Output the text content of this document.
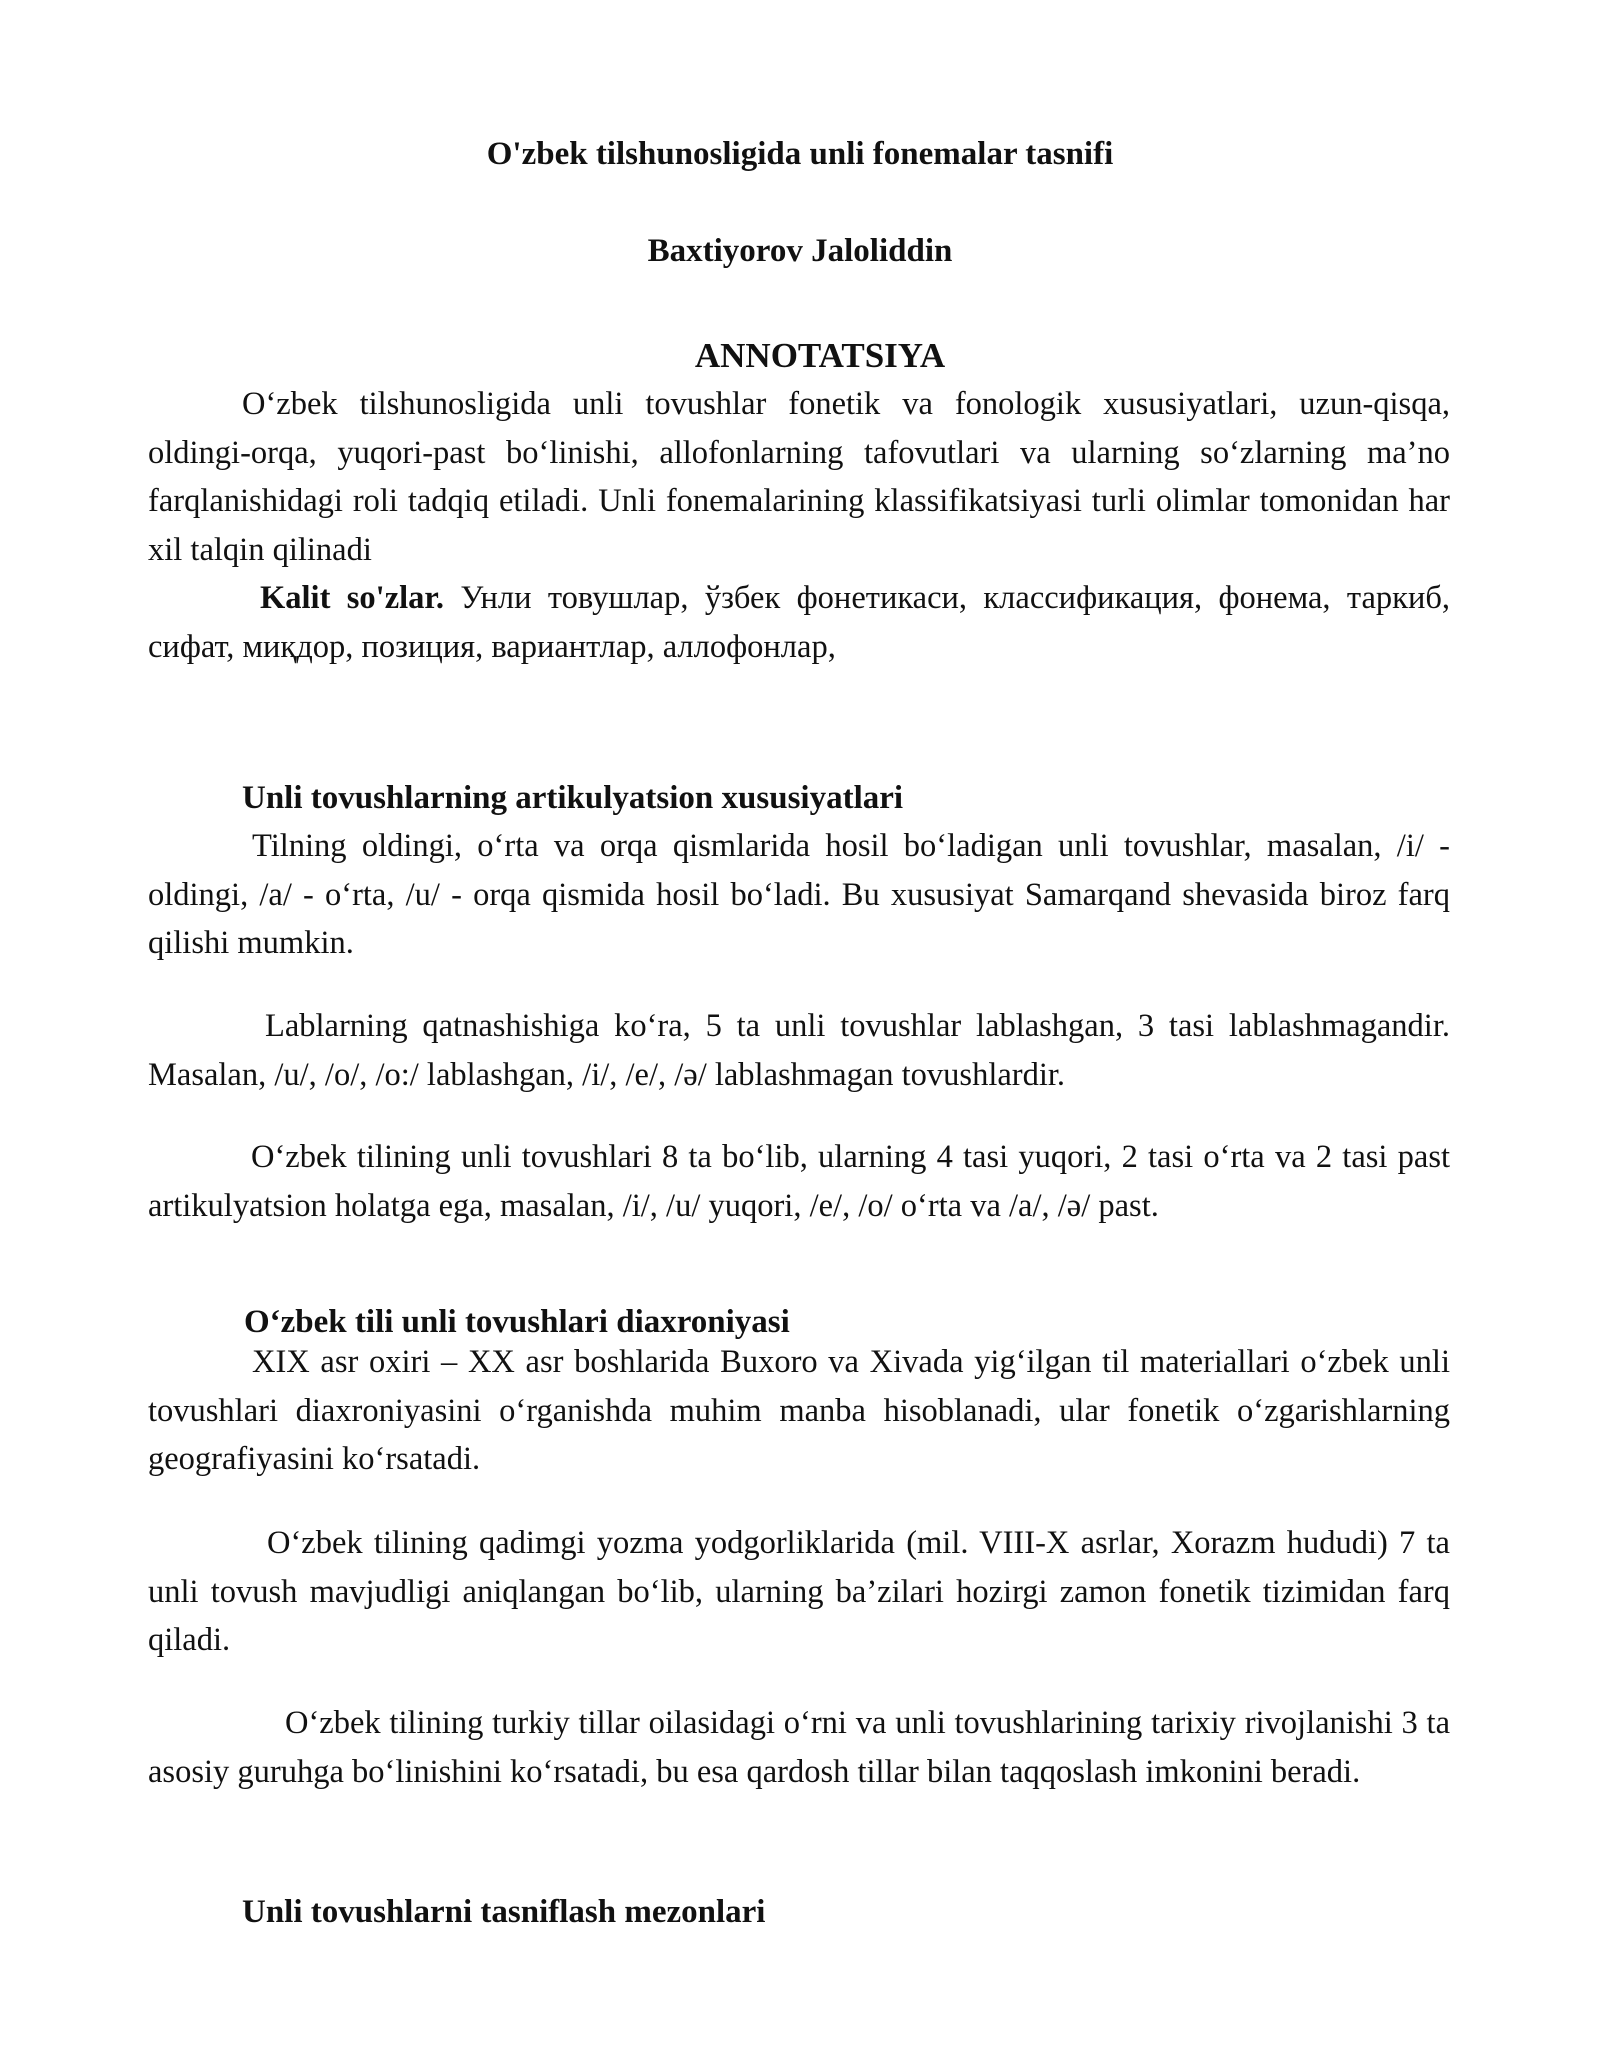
O'zbek tilshunosligida unli fonemalar tasnifi
Baxtiyorov Jaloliddin
ANNOTATSIYA

O‘zbek tilshunosligida unli tovushlar fonetik va fonologik xususiyatlari, uzun-qisqa, oldingi-orqa, yuqori-past bo‘linishi, allofonlarning tafovutlari va ularning so‘zlarning ma’no farqlanishidagi roli tadqiq etiladi. Unli fonemalarining klassifikatsiyasi turli olimlar tomonidan har xil talqin qilinadi

Kalit so'zlar. Унли товушлар, ўзбек фонетикаси, классификация, фонема, таркиб, сифат, миқдор, позиция, вариантлар, аллофонлар,

Unli tovushlarning artikulyatsion xususiyatlari

Tilning oldingi, o‘rta va orqa qismlarida hosil bo‘ladigan unli tovushlar, masalan, /i/ - oldingi, /a/ - o‘rta, /u/ - orqa qismida hosil bo‘ladi. Bu xususiyat Samarqand shevasida biroz farq qilishi mumkin.

Lablarning qatnashishiga ko‘ra, 5 ta unli tovushlar lablashgan, 3 tasi lablashmagandir. Masalan, /u/, /o/, /o:/ lablashgan, /i/, /e/, /ə/ lablashmagan tovushlardir.

O‘zbek tilining unli tovushlari 8 ta bo‘lib, ularning 4 tasi yuqori, 2 tasi o‘rta va 2 tasi past artikulyatsion holatga ega, masalan, /i/, /u/ yuqori, /e/, /o/ o‘rta va /a/, /ə/ past.

O‘zbek tili unli tovushlari diaxroniyasi

XIX asr oxiri – XX asr boshlarida Buxoro va Xivada yig‘ilgan til materiallari o‘zbek unli tovushlari diaxroniyasini o‘rganishda muhim manba hisoblanadi, ular fonetik o‘zgarishlarning geografiyasini ko‘rsatadi.

O‘zbek tilining qadimgi yozma yodgorliklarida (mil. VIII-X asrlar, Xorazm hududi) 7 ta unli tovush mavjudligi aniqlangan bo‘lib, ularning ba’zilari hozirgi zamon fonetik tizimidan farq qiladi.

O‘zbek tilining turkiy tillar oilasidagi o‘rni va unli tovushlarining tarixiy rivojlanishi 3 ta asosiy guruhga bo‘linishini ko‘rsatadi, bu esa qardosh tillar bilan taqqoslash imkonini beradi.

Unli tovushlarni tasniflash mezonlari
